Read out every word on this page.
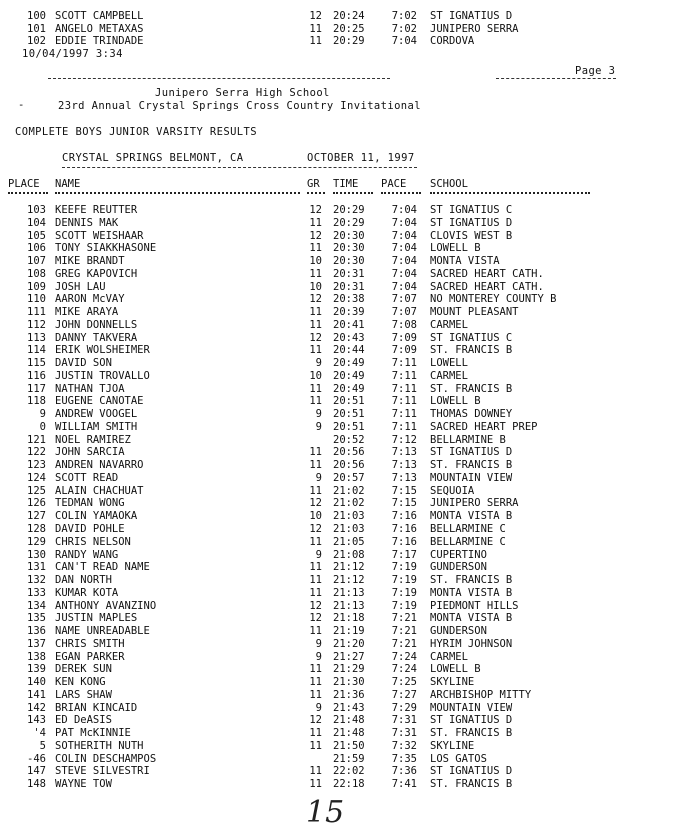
100 SCOTT CAMPBELL	12 20:24	7:02 ST IGNATIUS D
101 ANGELO METAXAS	11 20:25	7:02 JUNIPERO SERRA
102 EDDIE TRINDADE	11 20:29	7:04 CORDOVA
10/04/1997 3:34
Page 3
Junipero Serra High School
-	23rd Annual Crystal Springs Cross Country Invitational
COMPLETE BOYS JUNIOR VARSITY RESULTS
CRYSTAL SPRINGS BELMONT, CA	OCTOBER 11, 1997
PLACE NAME	GR TIME PACE SCHOOL
103 KEEFE REUTTER	12 20:29	7:04 ST IGNATIUS C
104 DENNIS MAK	11 20:29	7:04 ST IGNATIUS D
105 SCOTT WEISHAAR	12 20:30	7:04 CLOVIS WEST B
106 TONY SIAKKHASONE	11 20:30	7:04 LOWELL B
107 MIKE BRANDT	10 20:30	7:04 MONTA VISTA
108 GREG KAPOVICH	11 20:31	7:04 SACRED HEART CATH.
109 JOSH LAU	10 20:31	7:04 SACRED HEART CATH.
110 AARON McVAY	12 20:38	7:07 NO MONTEREY COUNTY B
111 MIKE ARAYA	11 20:39	7:07 MOUNT PLEASANT
112 JOHN DONNELLS	11 20:41	7:08 CARMEL
113 DANNY TAKVERA	12 20:43	7:09 ST IGNATIUS C
114 ERIK WOLSHEIMER	11 20:44	7:09 ST. FRANCIS B
115 DAVID SON	9 20:49	7:11 LOWELL
116 JUSTIN TROVALLO	10 20:49	7:11 CARMEL
117 NATHAN TJOA	11 20:49	7:11 ST. FRANCIS B
118 EUGENE CANOTAE	11 20:51	7:11 LOWELL B
9 ANDREW VOOGEL	9 20:51	7:11 THOMAS DOWNEY
0 WILLIAM SMITH	9 20:51	7:11 SACRED HEART PREP
121 NOEL RAMIREZ	20:52	7:12 BELLARMINE B
122 JOHN SARCIA	11 20:56	7:13 ST IGNATIUS D
123 ANDREN NAVARRO	11 20:56	7:13 ST. FRANCIS B
124 SCOTT READ	9 20:57	7:13 MOUNTAIN VIEW
125 ALAIN CHACHUAT	11 21:02	7:15 SEQUOIA
126 TEDMAN WONG	12 21:02	7:15 JUNIPERO SERRA
127 COLIN YAMAOKA	10 21:03	7:16 MONTA VISTA B
128 DAVID POHLE	12 21:03	7:16 BELLARMINE C
129 CHRIS NELSON	11 21:05	7:16 BELLARMINE C
130 RANDY WANG	9 21:08	7:17 CUPERTINO
131 CAN'T READ NAME	11 21:12	7:19 GUNDERSON
132 DAN NORTH	11 21:12	7:19 ST. FRANCIS B
133 KUMAR KOTA	11 21:13	7:19 MONTA VISTA B
134 ANTHONY AVANZINO	12 21:13	7:19 PIEDMONT HILLS
135 JUSTIN MAPLES	12 21:18	7:21 MONTA VISTA B
136 NAME UNREADABLE	11 21:19	7:21 GUNDERSON
137 CHRIS SMITH	9 21:20	7:21 HYRIM JOHNSON
138 EGAN PARKER	9 21:27	7:24 CARMEL
139 DEREK SUN	11 21:29	7:24 LOWELL B
140 KEN KONG	11 21:30	7:25 SKYLINE
141 LARS SHAW	11 21:36	7:27 ARCHBISHOP MITTY
142 BRIAN KINCAID	9 21:43	7:29 MOUNTAIN VIEW
143 ED DeASIS	12 21:48	7:31 ST IGNATIUS D
'4 PAT McKINNIE	11 21:48	7:31 ST. FRANCIS B
5 SOTHERITH NUTH	11 21:50	7:32 SKYLINE
-46 COLIN DESCHAMPOS	21:59	7:35 LOS GATOS
147 STEVE SILVESTRI	11 22:02	7:36 ST IGNATIUS D
148 WAYNE TOW	11 22:18	7:41 ST. FRANCIS B
15
